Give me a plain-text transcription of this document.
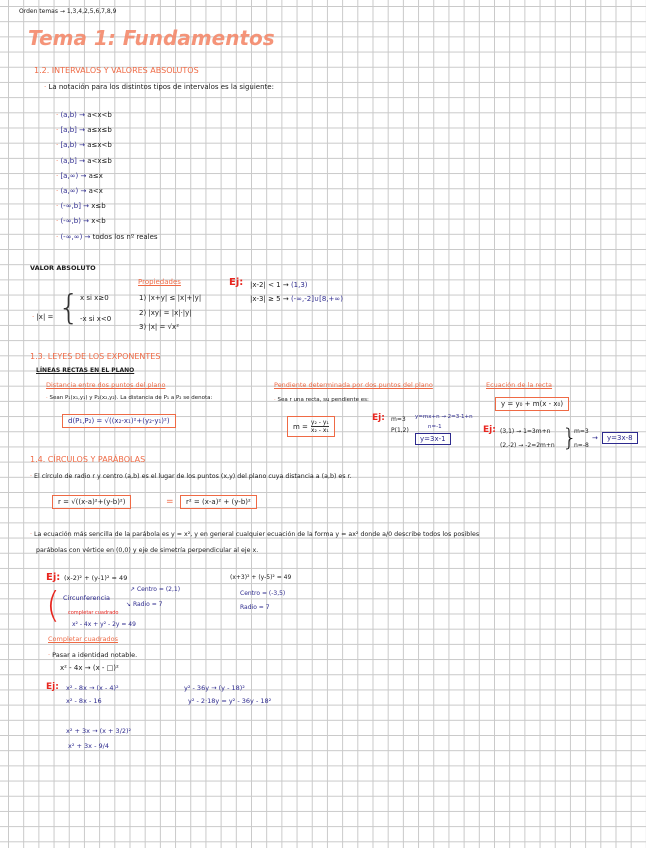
Orden temas → 1,3,4,2,5,6,7,8,9
Tema 1: Fundamentos
1.2. INTERVALOS Y VALORES ABSOLUTOS
· La notación para los distintos tipos de intervalos es la siguiente:
· (a,b) → a<x<b
· [a,b] → a≤x≤b
· [a,b) → a≤x<b
· (a,b] → a<x≤b
· [a,∞) → a≤x
· (a,∞) → a<x
· (-∞,b] → x≤b
· (-∞,b) → x<b
· (-∞,∞) → todos los nº reales
VALOR ABSOLUTO
· |x| = { x si x≥0
-x si x<0
Propiedades
1) |x+y| ≤ |x|+|y|
2) |xy| = |x|·|y|
3) |x| = √x²
Ej: |x-2| < 1 → (1,3)
|x-3| ≥ 5 → (-∞,-2]∪[8,+∞)
1.3. LEYES DE LOS EXPONENTES
LÍNEAS RECTAS EN EL PLANO
Distancia entre dos puntos del plano
· Sean P₁(x₁,y₁) y P₂(x₂,y₂). La distancia de P₁ a P₂ se denota:
d(P₁,P₂) = √((x₂-x₁)²+(y₂-y₁)²)
Pendiente determinada por dos puntos del plano
· Sea r una recta, su pendiente es:
$m = \frac{\text{y₂ - y₁}}{\text{x₂ - x₁}}$
Ej: m=3
P(1,2)
y=mx+n → 2=3·1+n
n=-1
y=3x-1
Ecuación de la recta
y = y₀ + m(x - x₀)
Ej: (3,1) → 1=3m+n
(2,-2) → -2=2m+n }
m=3
n=-8
→	y=3x-8
1.4. CÍRCULOS Y PARÁBOLAS
· El círculo de radio r y centro (a,b) es el lugar de los puntos (x,y) del plano cuya distancia a (a,b) es r.
r = √((x-a)²+(y-b)²)	=	r² = (x-a)² + (y-b)²
· La ecuación más sencilla de la parábola es y = x², y en general cualquier ecuación de la forma y = ax² donde a/0 describe todos los posibles
parábolas con vértice en (0,0) y eje de simetría perpendicular al eje x.
Ej: (x-2)² + (y-1)² = 49
( Circunferencia
↗ Centro = (2,1)
↘ Radio = 7
completar cuadrado
x² - 4x + y² - 2y = 49
(x+3)² + (y-5)² = 49
Centro = (-3,5)
Radio = 7
Completar cuadrados
· Pasar a identidad notable.
x² - 4x → (x - □)²
Ej: x² - 8x → (x - 4)²
x² - 8x - 16
y² - 36y → (y - 18)²
y² - 2·18y = y² - 36y - 18²
x² + 3x → (x + 3/2)²
x² + 3x - 9/4
